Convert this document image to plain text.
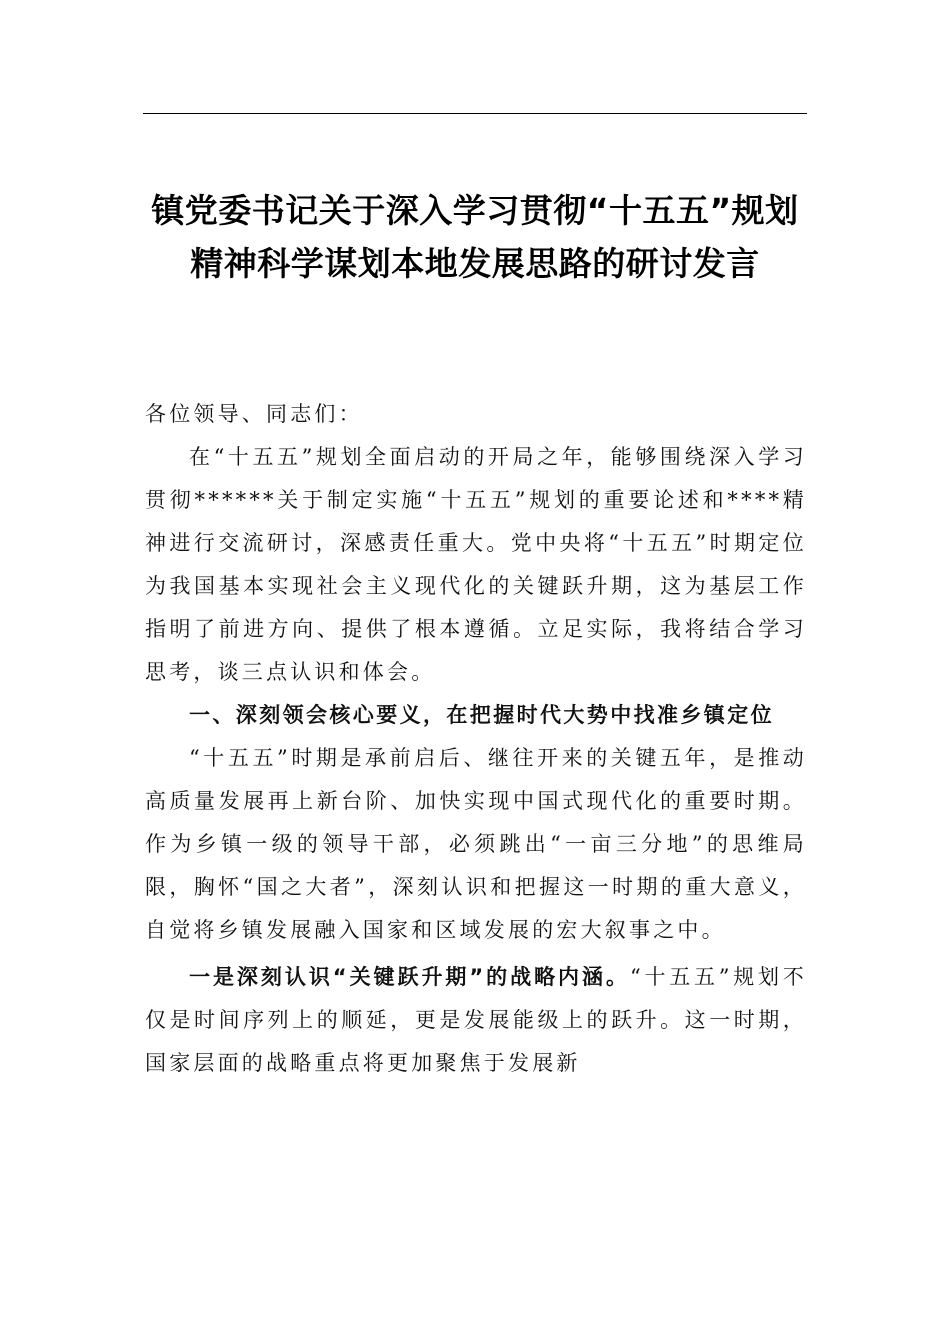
镇党委书记关于深入学习贯彻“十五五”规划精神科学谋划本地发展思路的研讨发言

各位领导、同志们：

在“十五五”规划全面启动的开局之年，能够围绕深入学习贯彻******关于制定实施“十五五”规划的重要论述和****精神进行交流研讨，深感责任重大。党中央将“十五五”时期定位为我国基本实现社会主义现代化的关键跃升期，这为基层工作指明了前进方向、提供了根本遵循。立足实际，我将结合学习思考，谈三点认识和体会。

一、深刻领会核心要义，在把握时代大势中找准乡镇定位

“十五五”时期是承前启后、继往开来的关键五年，是推动高质量发展再上新台阶、加快实现中国式现代化的重要时期。作为乡镇一级的领导干部，必须跳出“一亩三分地”的思维局限，胸怀“国之大者”，深刻认识和把握这一时期的重大意义，自觉将乡镇发展融入国家和区域发展的宏大叙事之中。

一是深刻认识“关键跃升期”的战略内涵。“十五五”规划不仅是时间序列上的顺延，更是发展能级上的跃升。这一时期，国家层面的战略重点将更加聚焦于发展新
